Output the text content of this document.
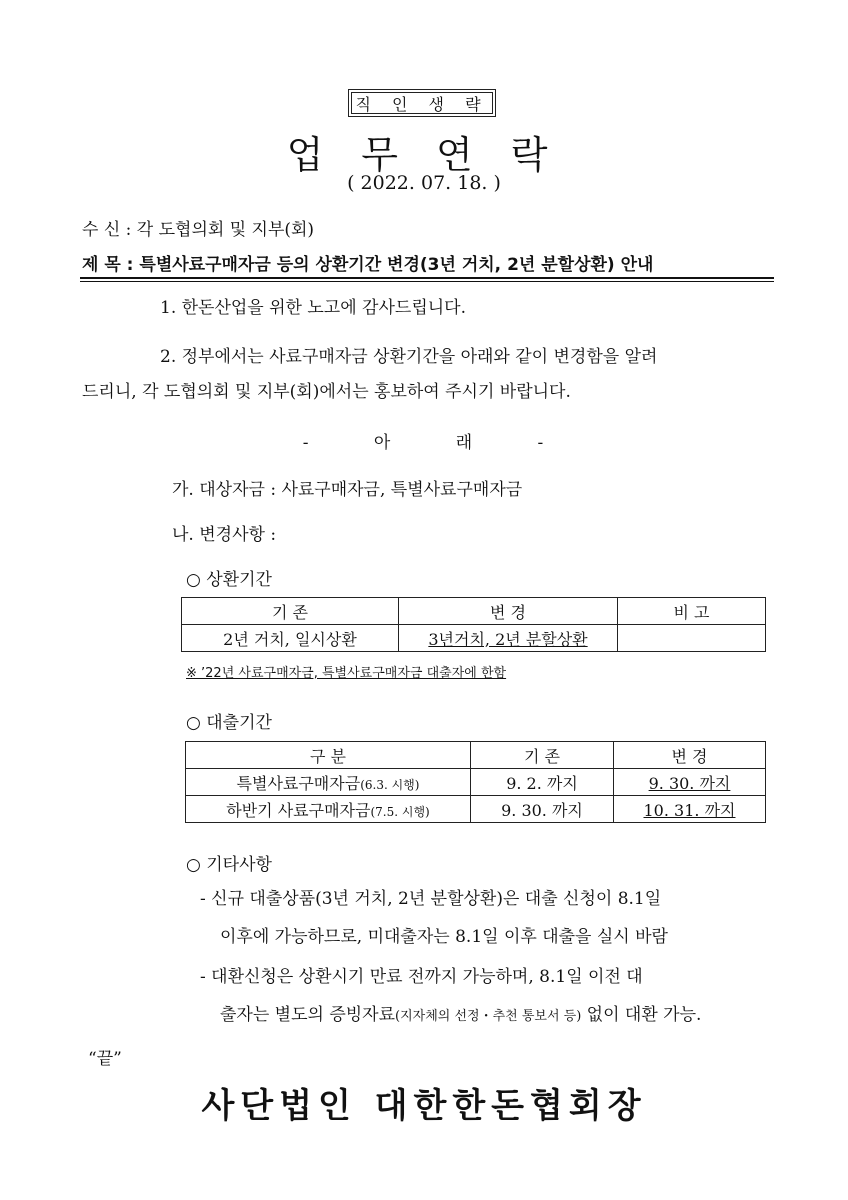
직 인 생 략
업무연락
( 2022. 07. 18. )
수 신 : 각 도협의회 및 지부(회)
제 목 : 특별사료구매자금 등의 상환기간 변경(3년 거치, 2년 분할상환) 안내
1. 한돈산업을 위한 노고에 감사드립니다.
2. 정부에서는 사료구매자금 상환기간을 아래와 같이 변경함을 알려
드리니, 각 도협의회 및 지부(회)에서는 홍보하여 주시기 바랍니다.
- 아 래 -
가. 대상자금 : 사료구매자금, 특별사료구매자금
나. 변경사항 :
○ 상환기간
기 존	변 경	비 고
2년 거치, 일시상환	3년거치, 2년 분할상환	
※ ’22년 사료구매자금, 특별사료구매자금 대출자에 한함
○ 대출기간
구 분	기 존	변 경
특별사료구매자금(6.3. 시행)	9. 2. 까지	9. 30. 까지
하반기 사료구매자금(7.5. 시행)	9. 30. 까지	10. 31. 까지
○ 기타사항
- 신규 대출상품(3년 거치, 2년 분할상환)은 대출 신청이 8.1일
이후에 가능하므로, 미대출자는 8.1일 이후 대출을 실시 바람
- 대환신청은 상환시기 만료 전까지 가능하며, 8.1일 이전 대
출자는 별도의 증빙자료(지자체의 선정・추천 통보서 등) 없이 대환 가능.
“끝”
사단법인 대한한돈협회장
